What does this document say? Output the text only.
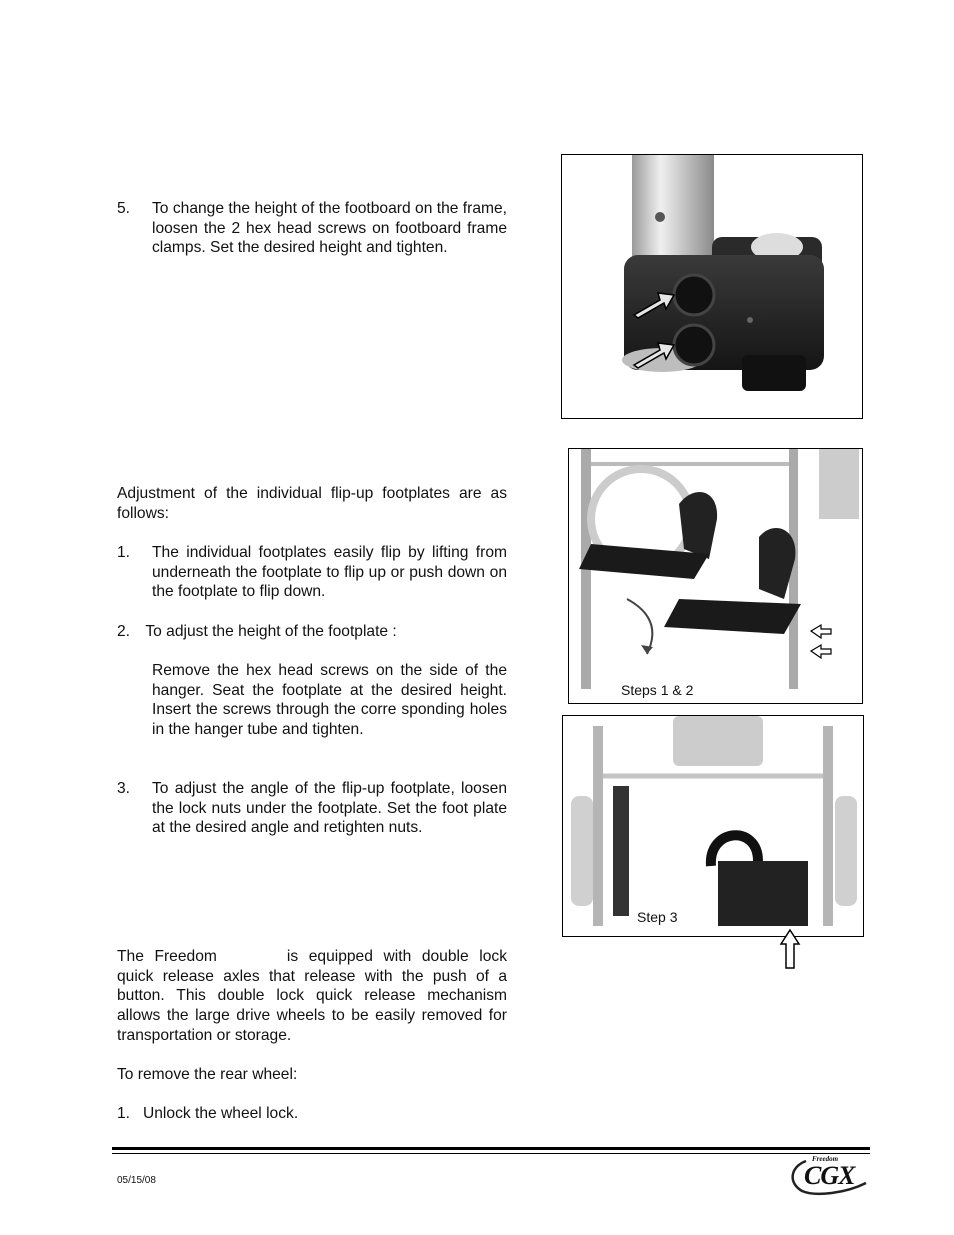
5. To change the height of the footboard on the frame, loosen the 2 hex head screws on footboard frame clamps. Set the desired height and tighten.
Adjustment of the individual flip-up footplates are as follows:
1. The individual footplates easily flip by lifting from underneath the footplate to flip up or push down on the footplate to flip down.
2. To adjust the height of the footplate :
Remove the hex head screws on the side of the hanger. Seat the footplate at the desired height. Insert the screws through the corre sponding holes in the hanger tube and tighten.
3. To adjust the angle of the flip-up footplate, loosen the lock nuts under the footplate. Set the foot plate at the desired angle and retighten nuts.
Steps 1 & 2
Step 3
The Freedom	is equipped with double lock quick release axles that release with the push of a button. This double lock quick release mechanism allows the large drive wheels to be easily removed for transportation or storage.
To remove the rear wheel:
1.   Unlock the wheel lock.
05/15/08
Freedom
CGX
